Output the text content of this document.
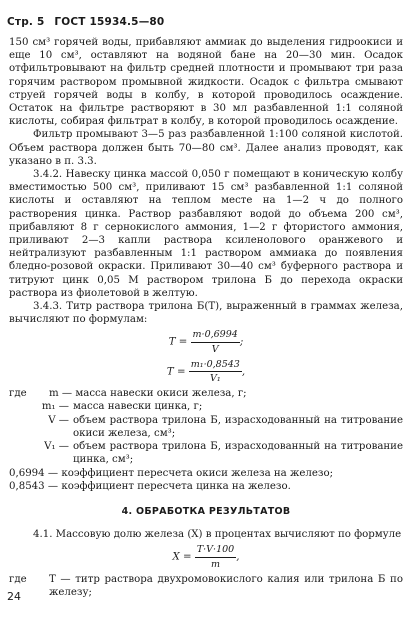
Стр. 5 ГОСТ 15934.5—80

150 см³ горячей воды, прибавляют аммиак до выделения гидроокиси и еще 10 см³, оставляют на водяной бане на 20—30 мин. Осадок отфильтровывают на фильтр средней плотности и промывают три раза горячим раствором промывной жидкости. Осадок с фильтра смывают струей горячей воды в колбу, в которой проводилось осаждение. Остаток на фильтре растворяют в 30 мл разбавленной 1:1 соляной кислоты, собирая фильтрат в колбу, в которой проводилось осаждение.

Фильтр промывают 3—5 раз разбавленной 1:100 соляной кислотой. Объем раствора должен быть 70—80 см³. Далее анализ проводят, как указано в п. 3.3.

3.4.2. Навеску цинка массой 0,050 г помещают в коническую колбу вместимостью 500 см³, приливают 15 см³ разбавленной 1:1 соляной кислоты и оставляют на теплом месте на 1—2 ч до полного растворения цинка. Раствор разбавляют водой до объема 200 см³, прибавляют 8 г сернокислого аммония, 1—2 г фтористого аммония, приливают 2—3 капли раствора ксиленолового оранжевого и нейтрализуют разбавленным 1:1 раствором аммиака до появления бледно-розовой окраски. Приливают 30—40 см³ буферного раствора и титруют цинк 0,05 М раствором трилона Б до перехода окраски раствора из фиолетовой в желтую.

3.4.3. Титр раствора трилона Б(T), выраженный в граммах железа, вычисляют по формулам:

$T = \frac{m\cdot 0,6994}{V}$ ;
$T = \frac{\text{m₁·0,8543}}{\text{V₁}}$ ,
где	m — масса навески окиси железа, г;
m₁ — масса навески цинка, г;
V — объем раствора трилона Б, израсходованный на титрование окиси железа, см³;
V₁ — объем раствора трилона Б, израсходованный на титрование цинка, см³;
0,6994 —
коэффициент пересчета окиси железа на железо;
0,8543 —
коэффициент пересчета цинка на железо.
4. ОБРАБОТКА РЕЗУЛЬТАТОВ

4.1. Массовую долю железа (X) в процентах вычисляют по формуле

$X = \frac{T\cdot V\cdot 100}{m}$ ,
где	T — титр раствора двухромовокислого калия или трилона Б по железу;
24
